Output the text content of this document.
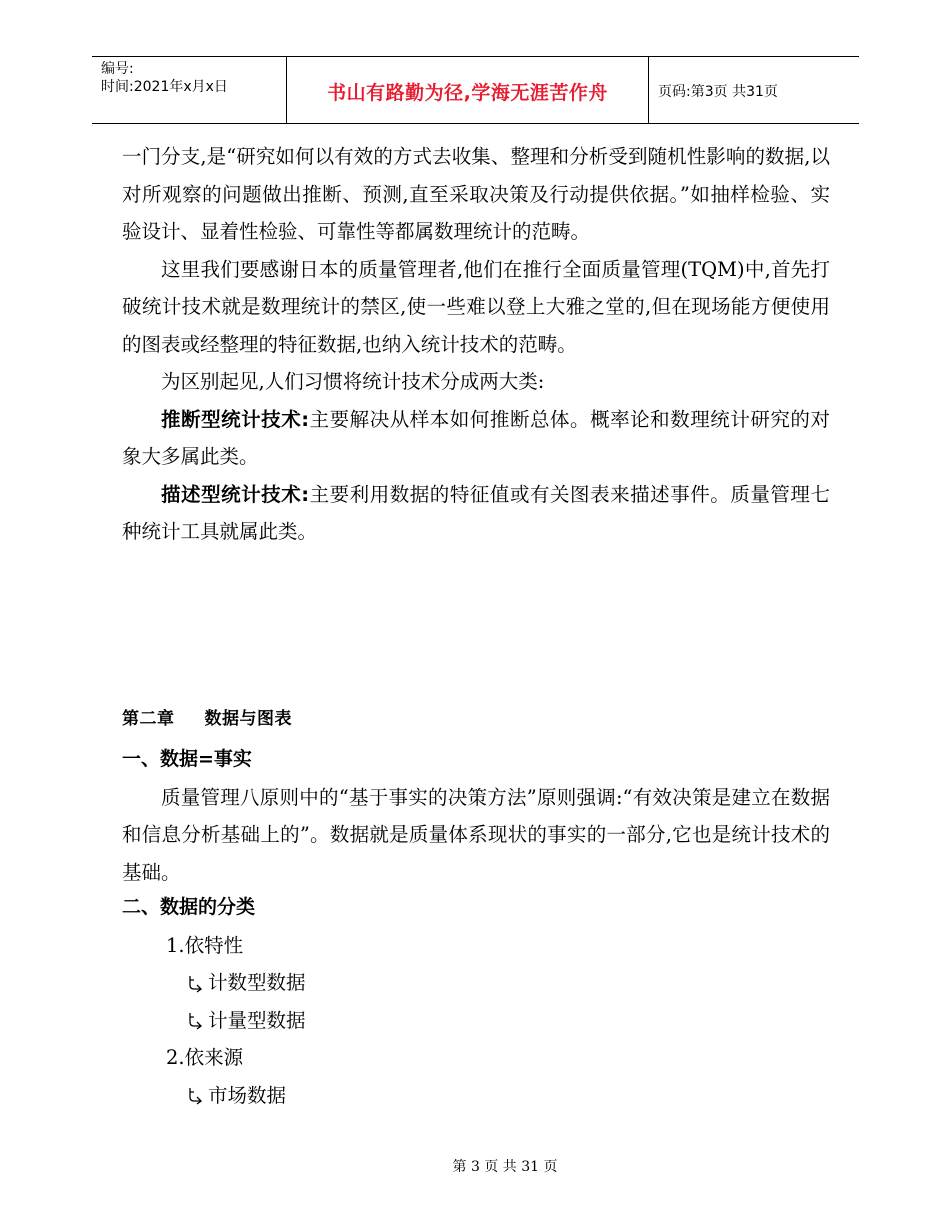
编号:
时间:2021年x月x日	书山有路勤为径,学海无涯苦作舟	页码:第3页 共31页

一门分支,是“研究如何以有效的方式去收集、整理和分析受到随机性影响的数据,以对所观察的问题做出推断、预测,直至采取决策及行动提供依据。”如抽样检验、实验设计、显着性检验、可靠性等都属数理统计的范畴。

这里我们要感谢日本的质量管理者,他们在推行全面质量管理(TQM)中,首先打破统计技术就是数理统计的禁区,使一些难以登上大雅之堂的,但在现场能方便使用的图表或经整理的特征数据,也纳入统计技术的范畴。

为区别起见,人们习惯将统计技术分成两大类:

推断型统计技术:主要解决从样本如何推断总体。概率论和数理统计研究的对象大多属此类。

描述型统计技术:主要利用数据的特征值或有关图表来描述事件。质量管理七种统计工具就属此类。

第二章 数据与图表

一、数据=事实

质量管理八原则中的“基于事实的决策方法”原则强调:“有效决策是建立在数据和信息分析基础上的”。数据就是质量体系现状的事实的一部分,它也是统计技术的基础。

二、数据的分类

1.依特性

计数型数据

计量型数据

2.依来源

市场数据

第 3 页 共 31 页
